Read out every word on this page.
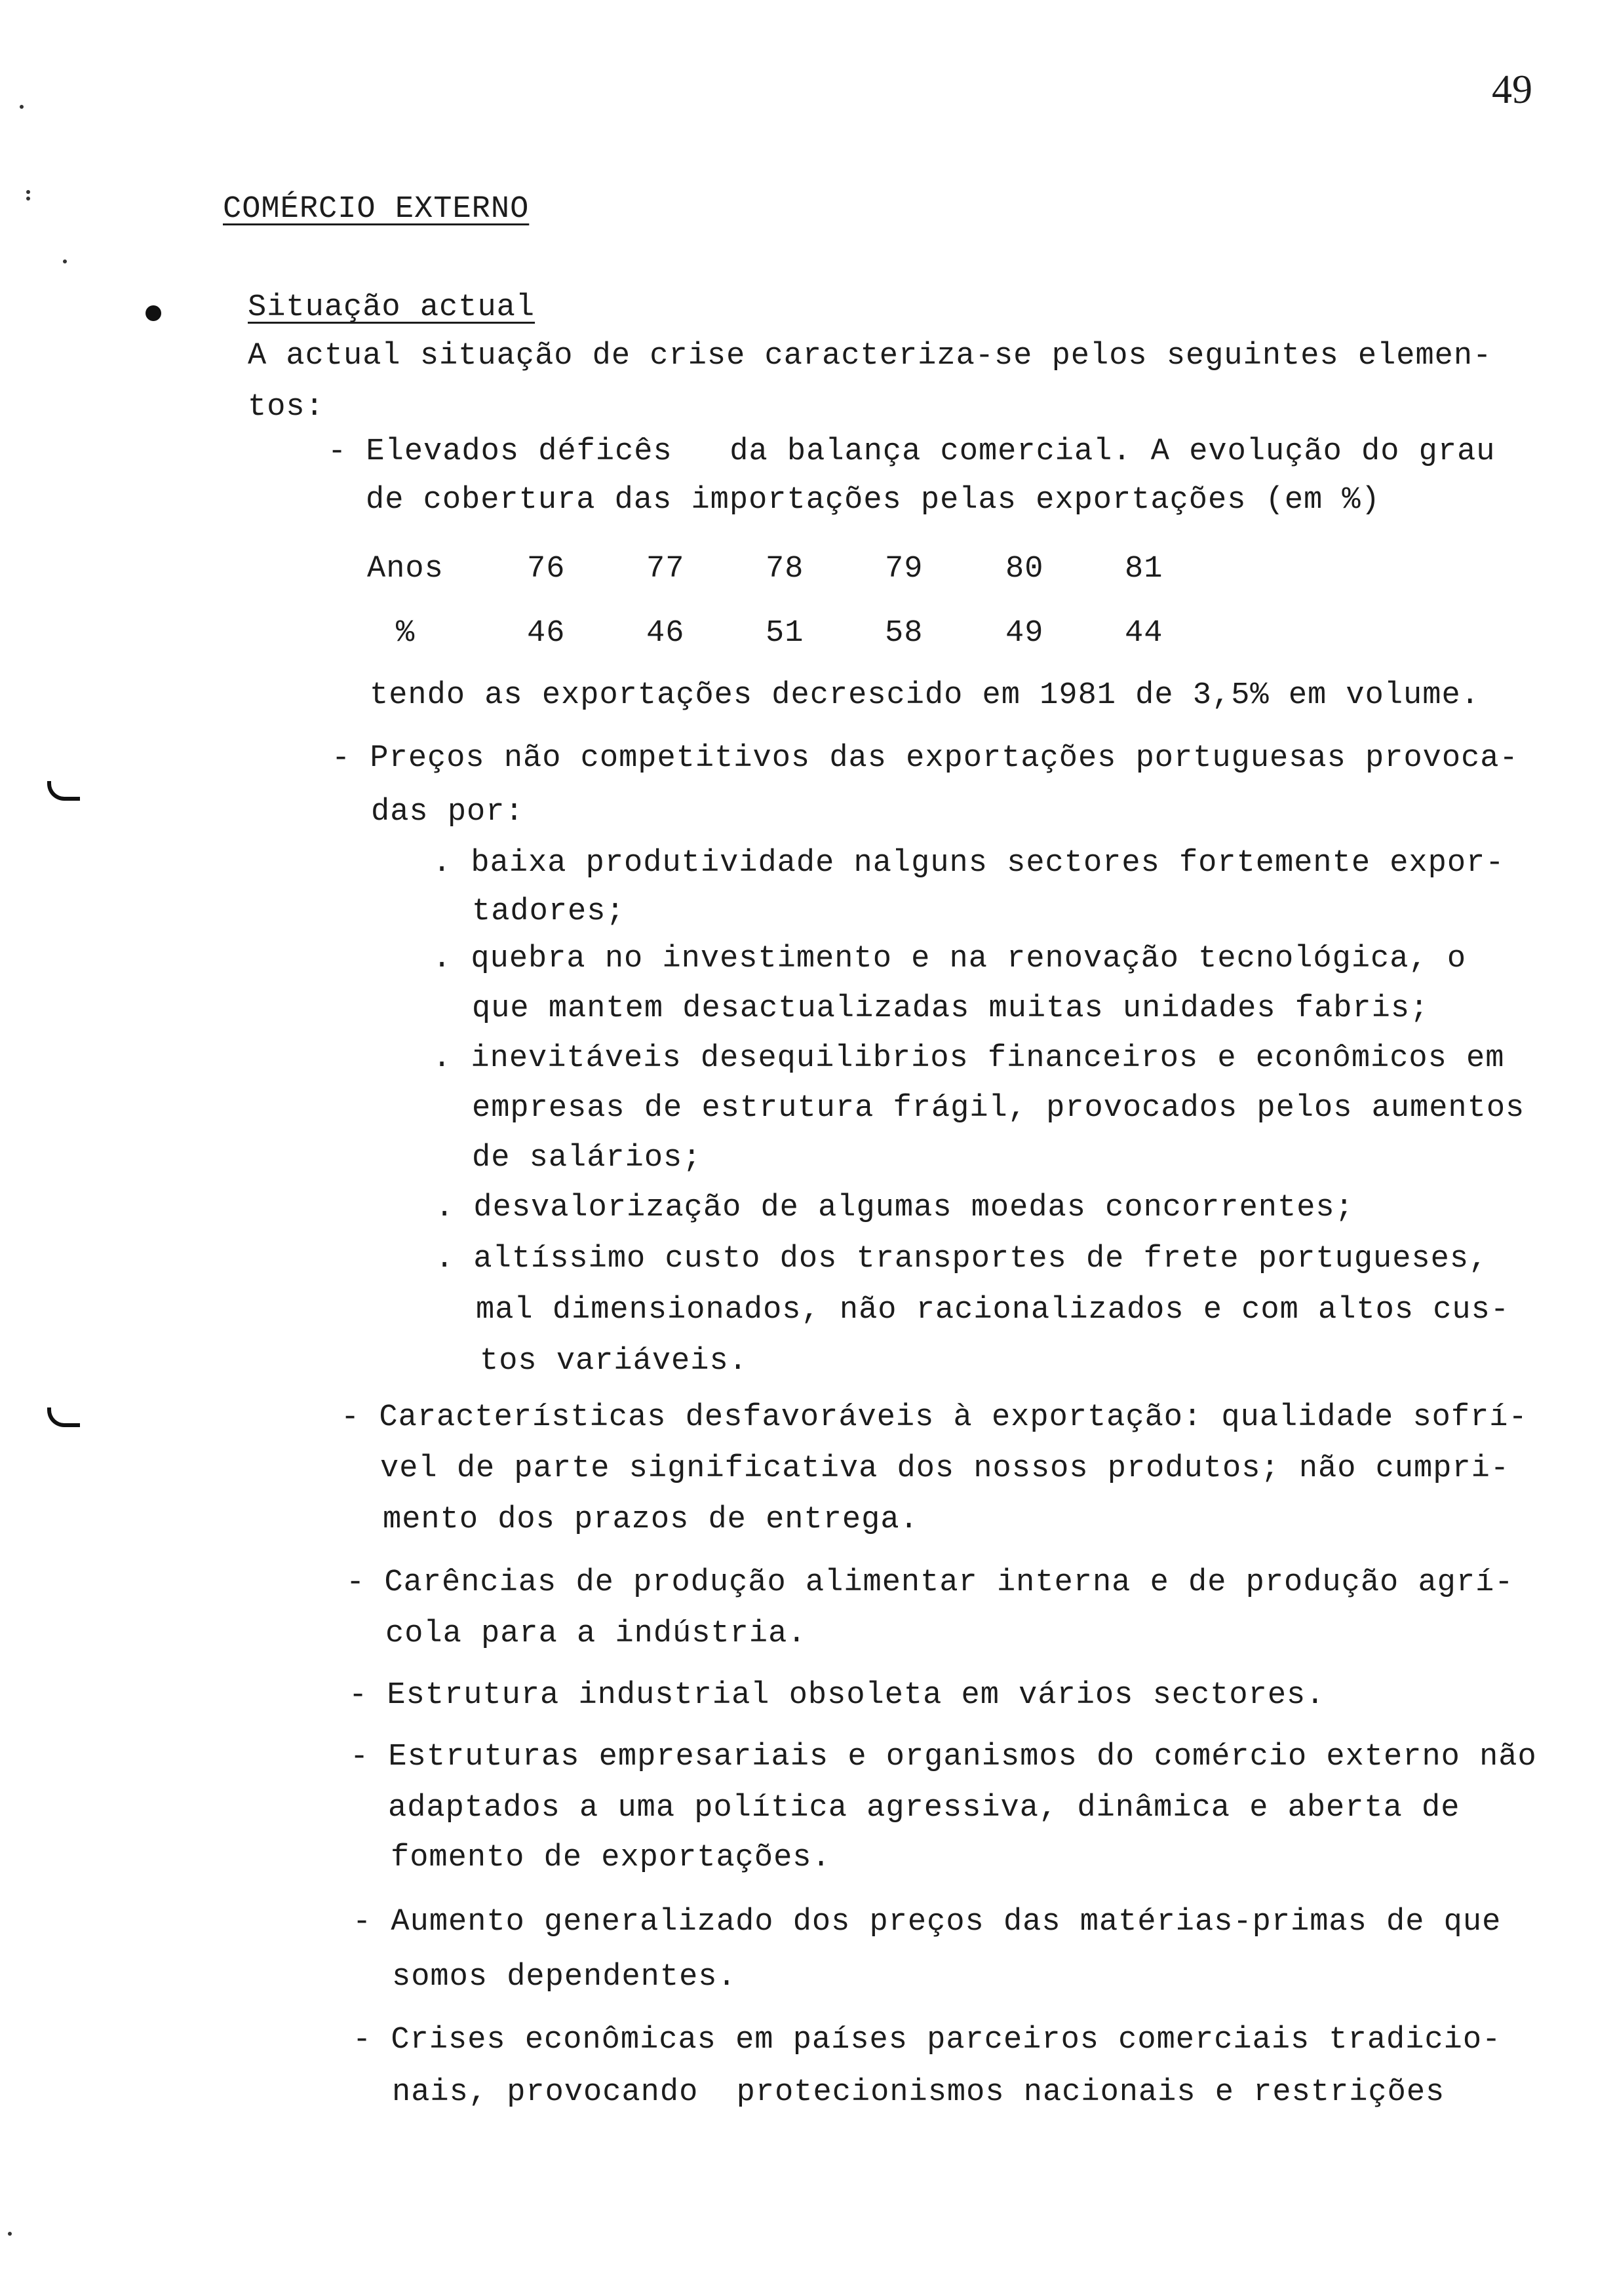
49
COMÉRCIO EXTERNO
Situação actual
A actual situação de crise caracteriza-se pelos seguintes elemen-
tos:
- Elevados déficês   da balança comercial. A evolução do grau
de cobertura das importações pelas exportações (em %)
Anos	76	77	78	79	80	81
%	46	46	51	58	49	44
tendo as exportações decrescido em 1981 de 3,5% em volume.
- Preços não competitivos das exportações portuguesas provoca-
das por:
. baixa produtividade nalguns sectores fortemente expor-
tadores;
. quebra no investimento e na renovação tecnológica, o
que mantem desactualizadas muitas unidades fabris;
. inevitáveis desequilibrios financeiros e econômicos em
empresas de estrutura frágil, provocados pelos aumentos
de salários;
. desvalorização de algumas moedas concorrentes;
. altíssimo custo dos transportes de frete portugueses,
mal dimensionados, não racionalizados e com altos cus-
tos variáveis.
- Características desfavoráveis à exportação: qualidade sofrí-
vel de parte significativa dos nossos produtos; não cumpri-
mento dos prazos de entrega.
- Carências de produção alimentar interna e de produção agrí-
cola para a indústria.
- Estrutura industrial obsoleta em vários sectores.
- Estruturas empresariais e organismos do comércio externo não
adaptados a uma política agressiva, dinâmica e aberta de
fomento de exportações.
- Aumento generalizado dos preços das matérias-primas de que
somos dependentes.
- Crises econômicas em países parceiros comerciais tradicio-
nais, provocando  protecionismos nacionais e restrições
